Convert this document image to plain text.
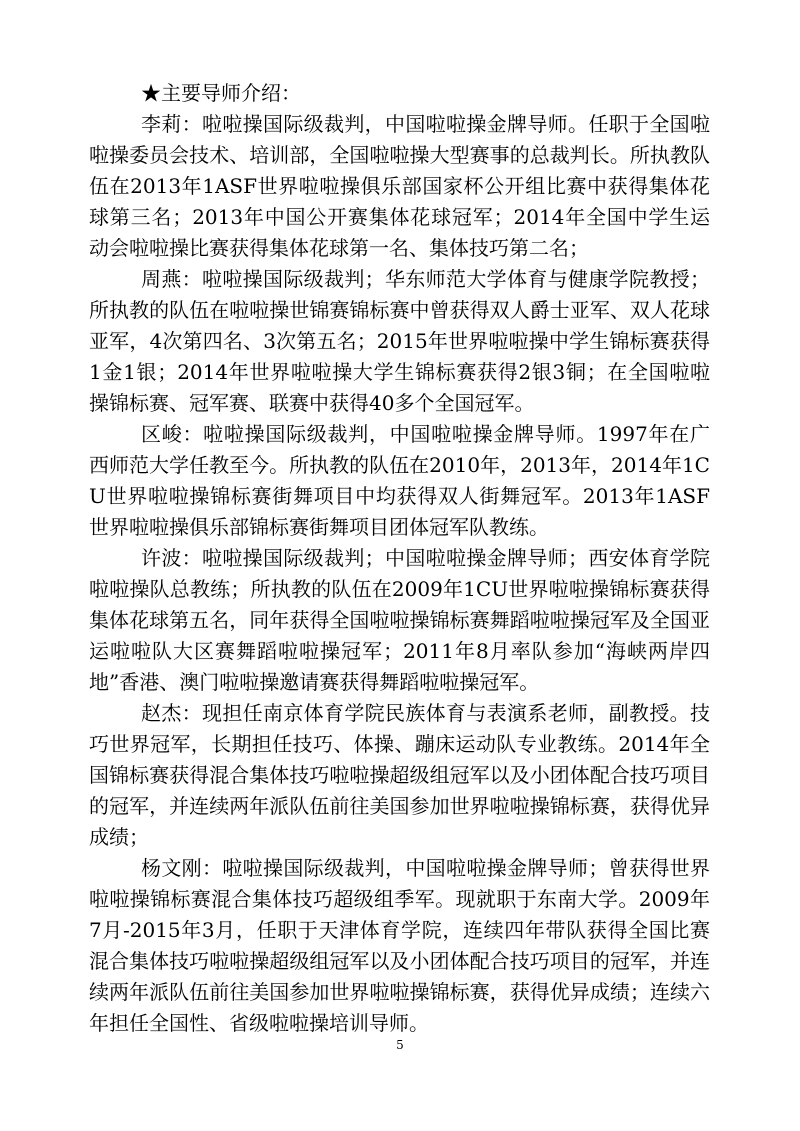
★主要导师介绍：

李莉：啦啦操国际级裁判，中国啦啦操金牌导师。任职于全国啦啦操委员会技术、培训部，全国啦啦操大型赛事的总裁判长。所执教队伍在2013年1ASF世界啦啦操俱乐部国家杯公开组比赛中获得集体花球第三名；2013年中国公开赛集体花球冠军；2014年全国中学生运动会啦啦操比赛获得集体花球第一名、集体技巧第二名；

周燕：啦啦操国际级裁判；华东师范大学体育与健康学院教授；所执教的队伍在啦啦操世锦赛锦标赛中曾获得双人爵士亚军、双人花球亚军，4次第四名、3次第五名；2015年世界啦啦操中学生锦标赛获得1金1银；2014年世界啦啦操大学生锦标赛获得2银3铜；在全国啦啦操锦标赛、冠军赛、联赛中获得40多个全国冠军。

区峻：啦啦操国际级裁判，中国啦啦操金牌导师。1997年在广西师范大学任教至今。所执教的队伍在2010年，2013年，2014年1CU世界啦啦操锦标赛街舞项目中均获得双人街舞冠军。2013年1ASF世界啦啦操俱乐部锦标赛街舞项目团体冠军队教练。

许波：啦啦操国际级裁判；中国啦啦操金牌导师；西安体育学院啦啦操队总教练；所执教的队伍在2009年1CU世界啦啦操锦标赛获得集体花球第五名，同年获得全国啦啦操锦标赛舞蹈啦啦操冠军及全国亚运啦啦队大区赛舞蹈啦啦操冠军；2011年8月率队参加“海峡两岸四地”香港、澳门啦啦操邀请赛获得舞蹈啦啦操冠军。

赵杰：现担任南京体育学院民族体育与表演系老师，副教授。技巧世界冠军，长期担任技巧、体操、蹦床运动队专业教练。2014年全国锦标赛获得混合集体技巧啦啦操超级组冠军以及小团体配合技巧项目的冠军，并连续两年派队伍前往美国参加世界啦啦操锦标赛，获得优异成绩；

杨文刚：啦啦操国际级裁判，中国啦啦操金牌导师；曾获得世界啦啦操锦标赛混合集体技巧超级组季军。现就职于东南大学。2009年7月-2015年3月，任职于天津体育学院，连续四年带队获得全国比赛混合集体技巧啦啦操超级组冠军以及小团体配合技巧项目的冠军，并连续两年派队伍前往美国参加世界啦啦操锦标赛，获得优异成绩；连续六年担任全国性、省级啦啦操培训导师。

5
